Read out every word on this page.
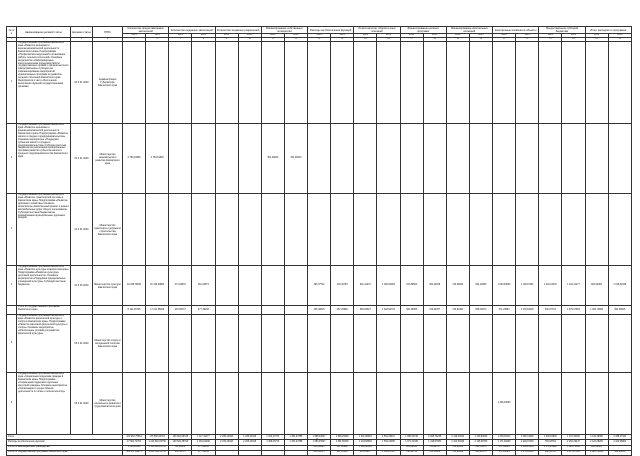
№ п/п	Наименование целевой статьи	Целевая статья	ГРБС	Количество предоставляемых заключений		Количество выданных заключений		Количество выданных разрешений		Финансирование собственных полномочий		Расходы на обеспечение функций		Уплата налогов, сборов и иных платежей		Финансирование целевых программ		Финансирование капитальных вложений		Капитальные вложения в объекты		Предоставление субсидий бюджетам		Итого расходов по программе	
				2014	2015	2014	2015	2014	2015	2014	2015	2014	2015	2014	2015	2014	2015	2014	2015	2014	2015	2014	2015	2014	2015
1	2	3	4	5	6	7	8	9	10	11	12	13	14	15	16	17	18	19	20	21	22	23	24	25	26
1	Государственная программа Камчатского края «Развитие экономики и внешнеэкономической деятельности Камчатского края» Подпрограмма «Профилактика нарушений в организации работы сельских поселений» Основное мероприятие «Информационно-консультационная поддержка работы государственных органов и органов местного самоуправления» Субсидии на софинансирование мероприятий муниципальных программ по развитию сельских поселений Камчатского края Мероприятия в части обеспечения выполнения функций государственными органами	03 0 01 4040	Администрация Губернатора Камчатского края																						
2	Государственная программа Камчатского края «Развитие экономики и внешнеэкономической деятельности Камчатского края» Подпрограмма «Развитие малого и среднего предпринимательства» Основное мероприятие «Поддержка субъектов малого и среднего предпринимательства» Субсидии местным бюджетам на реализацию муниципальных программ развития субъектов малого и среднего предпринимательства Камчатского края	03 3 01 4040	Министерство экономического развития Камчатского края	2 784,61839	2 784,61839					351,46000	351,46000														
3	Государственная программа Камчатского края «Развитие транспортной системы в Камчатском крае» Подпрограмма «Развитие дорожного хозяйства» Основное мероприятие «Капитальный ремонт и ремонт автомобильных дорог общего пользования» Субсидии местным бюджетам на формирование муниципальных дорожных фондов	04 0 01 4040	Министерство транспорта и дорожного строительства Камчатского края																						
4	Государственная программа Камчатского края «Развитие культуры в Камчатском крае» Подпрограмма «Развитие культурно-досуговой деятельности» Основное мероприятие «Поддержка муниципальных учреждений культуры» Субсидии местным бюджетам	04 3 03 4040	Министерство культуры Камчатского края	10 038,79540	10 148,29854	471,09070	361,22872					435,37742	419,32783	391,41237	1 002,52383	722,89594	364,42168	732,96944	831,29256	1 003,93030	1 128,97461	1 424,34476	1 122,41477	923,62081	1 019,52128
	Итого по государственной программе Камчатского края			8 121,35745	17 211,35260	291,56747	477,39158					435,40815	467,20986	365,03027	1 323,94723	306,45385	723,62787	723,94452	858,33973	471,23894	1 279,63403	302,07743	1 075,97663	1 023,74659	993,28525
5	Государственная программа Камчатского края «Развитие физической культуры и спорта в Камчатском крае» Подпрограмма «Развитие массовой физической культуры и спорта» Основное мероприятие «Обеспечение условий для развития физической культуры»	05 3 01 4040	Министерство спорта и молодежной политики Камчатского края																						
6	Государственная программа Камчатского края «Социальная поддержка граждан в Камчатском крае» Подпрограмма «Социальная поддержка отдельных категорий граждан» Основное мероприятие «Организация и осуществление деятельности по опеке и попечительству»	06 0 01 4040	Министерство социального развития и труда Камчатского края																	1 225,03000					
Итого				100 262,75364	175 560,63718	156 504,56728	1 117,19177	2 235,44018	1 225,44018	1 314,37273	1 361,27388	1 588,42827	1 596,29348	1 011,88394	1 564,28401	1 096,52745	6 628,76238	2 149,30014	1 130,90000	1 235,93113	1 068,31000	1 240,81840	1 197,36160	4 129,38300	4 338,37164
Расходы на обеспечение функций				17 562,72700	1 219 810,00750	100 522,35728	1 064,02490	2 215,44018	2 225,44818	1 366,05770	1 361,27388	1 583,45527	1 591,55436	1 103,68384	1 564,24455	1 071,31345	1 218,57830	1 102,50440	2 125,38700	1 171,20000	1 218,37400	784,03784	2 254,19447	2 122,28200	4 102,95900
Итого по межбюджетным трансфертам				1 009,20320	1 149 820,20710	20,00000	477,39158					435,40825	467,20986	1 118,80385		461,82830	723,62747	728,94452	898,33973	271,69894	1 089,23630	1 172,23860	1 023,74659	993,28525	
Итого по государственной программе Камчатского края				300 337,89675	1 245 024,32735	291,56747	477,39158					435,40815	467,20986	655,04217	1 093,23722	796,44753	728,00952	723,94452	868,22973	471,23894	1 079,63405	992,03743	1 075,97663	1 023,74659	993,28525
2
